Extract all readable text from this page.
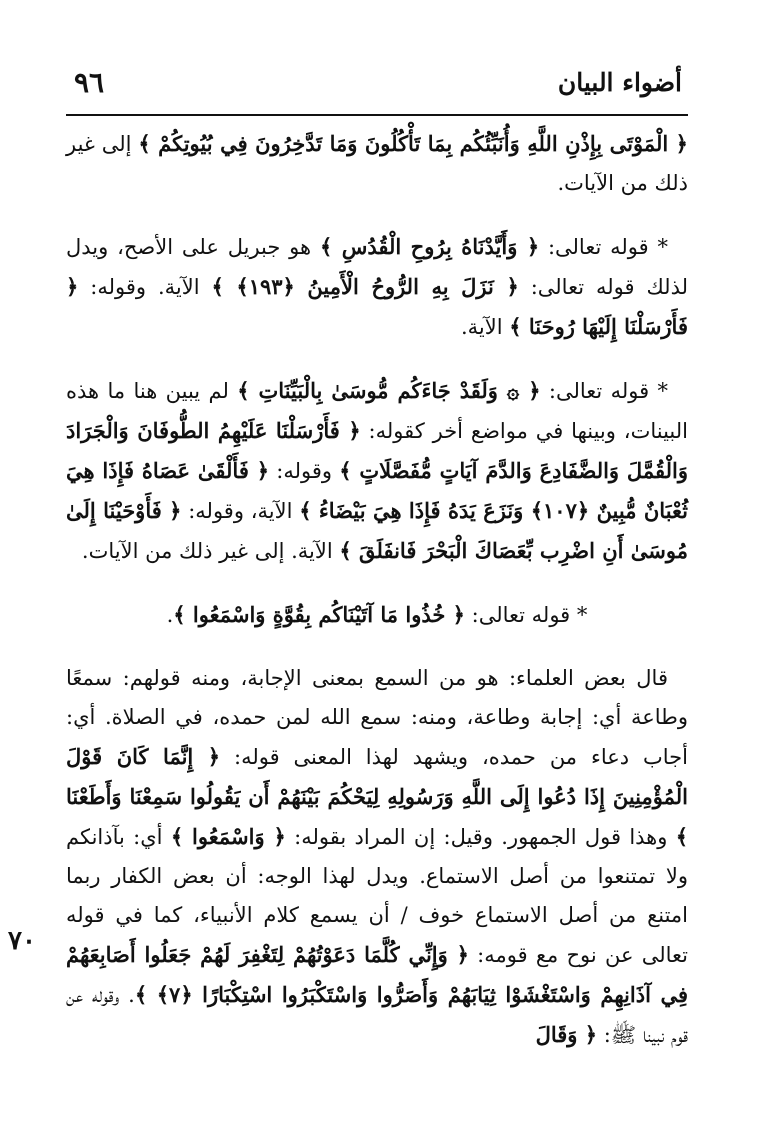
٩٦	أضواء البيان
٧٠

﴿ الْمَوْتَى بِإِذْنِ اللَّهِ وَأُنَبِّئُكُم بِمَا تَأْكُلُونَ وَمَا تَدَّخِرُونَ فِي بُيُوتِكُمْ ﴾ إلى غير ذلك من الآيات.

* قوله تعالى: ﴿ وَأَيَّدْنَاهُ بِرُوحِ الْقُدُسِ ﴾ هو جبريل على الأصح، ويدل لذلك قوله تعالى: ﴿ نَزَلَ بِهِ الرُّوحُ الْأَمِينُ ﴿١٩٣﴾ ﴾ الآية. وقوله: ﴿ فَأَرْسَلْنَا إِلَيْهَا رُوحَنَا ﴾ الآية.

* قوله تعالى: ﴿ ۞ وَلَقَدْ جَاءَكُم مُّوسَىٰ بِالْبَيِّنَاتِ ﴾ لم يبين هنا ما هذه البينات، وبينها في مواضع أخر كقوله: ﴿ فَأَرْسَلْنَا عَلَيْهِمُ الطُّوفَانَ وَالْجَرَادَ وَالْقُمَّلَ وَالضَّفَادِعَ وَالدَّمَ آيَاتٍ مُّفَصَّلَاتٍ ﴾ وقوله: ﴿ فَأَلْقَىٰ عَصَاهُ فَإِذَا هِيَ ثُعْبَانٌ مُّبِينٌ ﴿١٠٧﴾ وَنَزَعَ يَدَهُ فَإِذَا هِيَ بَيْضَاءُ ﴾ الآية، وقوله: ﴿ فَأَوْحَيْنَا إِلَىٰ مُوسَىٰ أَنِ اضْرِب بِّعَصَاكَ الْبَحْرَ فَانفَلَقَ ﴾ الآية. إلى غير ذلك من الآيات.

* قوله تعالى: ﴿ خُذُوا مَا آتَيْنَاكُم بِقُوَّةٍ وَاسْمَعُوا ﴾.

قال بعض العلماء: هو من السمع بمعنى الإجابة، ومنه قولهم: سمعًا وطاعة أي: إجابة وطاعة، ومنه: سمع الله لمن حمده، في الصلاة. أي: أجاب دعاء من حمده، ويشهد لهذا المعنى قوله: ﴿ إِنَّمَا كَانَ قَوْلَ الْمُؤْمِنِينَ إِذَا دُعُوا إِلَى اللَّهِ وَرَسُولِهِ لِيَحْكُمَ بَيْنَهُمْ أَن يَقُولُوا سَمِعْنَا وَأَطَعْنَا ﴾ وهذا قول الجمهور. وقيل: إن المراد بقوله: ﴿ وَاسْمَعُوا ﴾ أي: بآذانكم ولا تمتنعوا من أصل الاستماع. ويدل لهذا الوجه: أن بعض الكفار ربما امتنع من أصل الاستماع خوف / أن يسمع كلام الأنبياء، كما في قوله تعالى عن نوح مع قومه: ﴿ وَإِنِّي كُلَّمَا دَعَوْتُهُمْ لِتَغْفِرَ لَهُمْ جَعَلُوا أَصَابِعَهُمْ فِي آذَانِهِمْ وَاسْتَغْشَوْا ثِيَابَهُمْ وَأَصَرُّوا وَاسْتَكْبَرُوا اسْتِكْبَارًا ﴿٧﴾ ﴾. وقوله عن قوم نبينا ﷺ: ﴿ وَقَالَ
